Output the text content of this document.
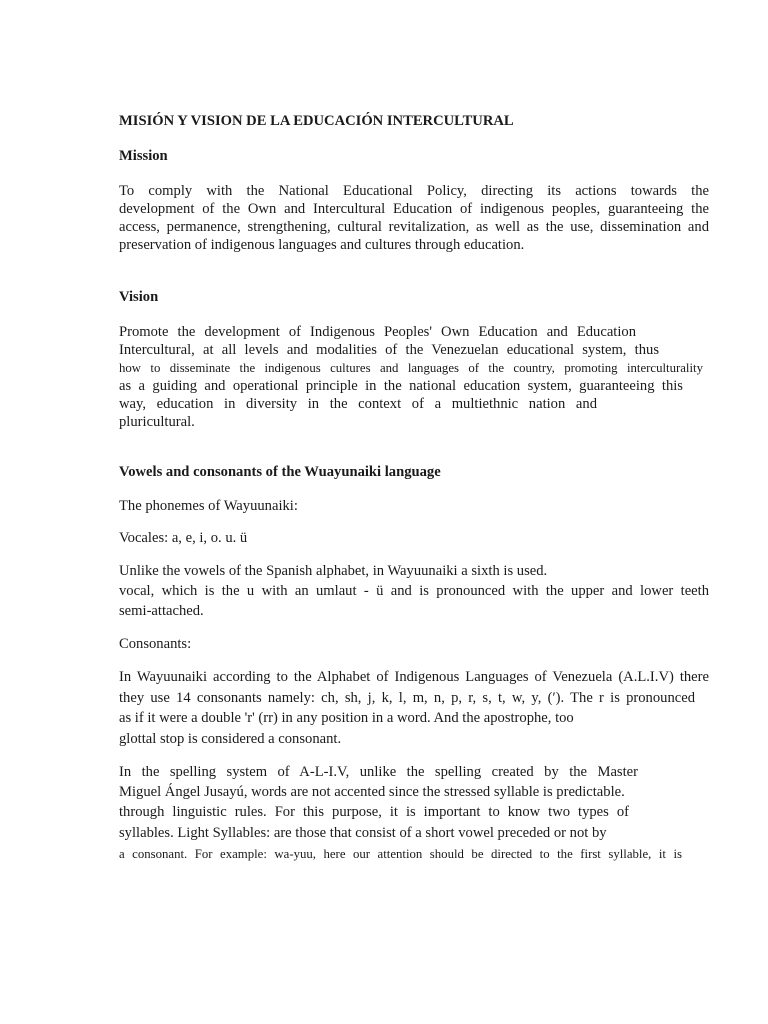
MISIÓN Y VISION DE LA EDUCACIÓN INTERCULTURAL
Mission
To comply with the National Educational Policy, directing its actions towards the
development of the Own and Intercultural Education of indigenous peoples, guaranteeing the
access, permanence, strengthening, cultural revitalization, as well as the use, dissemination and
preservation of indigenous languages and cultures through education.
Vision
Promote the development of Indigenous Peoples' Own Education and Education
Intercultural, at all levels and modalities of the Venezuelan educational system, thus
how to disseminate the indigenous cultures and languages of the country, promoting interculturality
as a guiding and operational principle in the national education system, guaranteeing this
way, education in diversity in the context of a multiethnic nation and
pluricultural.
Vowels and consonants of the Wuayunaiki language
The phonemes of Wayuunaiki:
Vocales: a, e, i, o. u. ü
Unlike the vowels of the Spanish alphabet, in Wayuunaiki a sixth is used.
vocal, which is the u with an umlaut - ü and is pronounced with the upper and lower teeth
semi-attached.
Consonants:
In Wayuunaiki according to the Alphabet of Indigenous Languages of Venezuela (A.L.I.V) there
they use 14 consonants namely: ch, sh, j, k, l, m, n, p, r, s, t, w, y, (′). The r is pronounced
as if it were a double 'r' (rr) in any position in a word. And the apostrophe, too
glottal stop is considered a consonant.
In the spelling system of A-L-I.V, unlike the spelling created by the Master
Miguel Ángel Jusayú, words are not accented since the stressed syllable is predictable.
through linguistic rules. For this purpose, it is important to know two types of
syllables. Light Syllables: are those that consist of a short vowel preceded or not by
a consonant. For example: wa-yuu, here our attention should be directed to the first syllable, it is
